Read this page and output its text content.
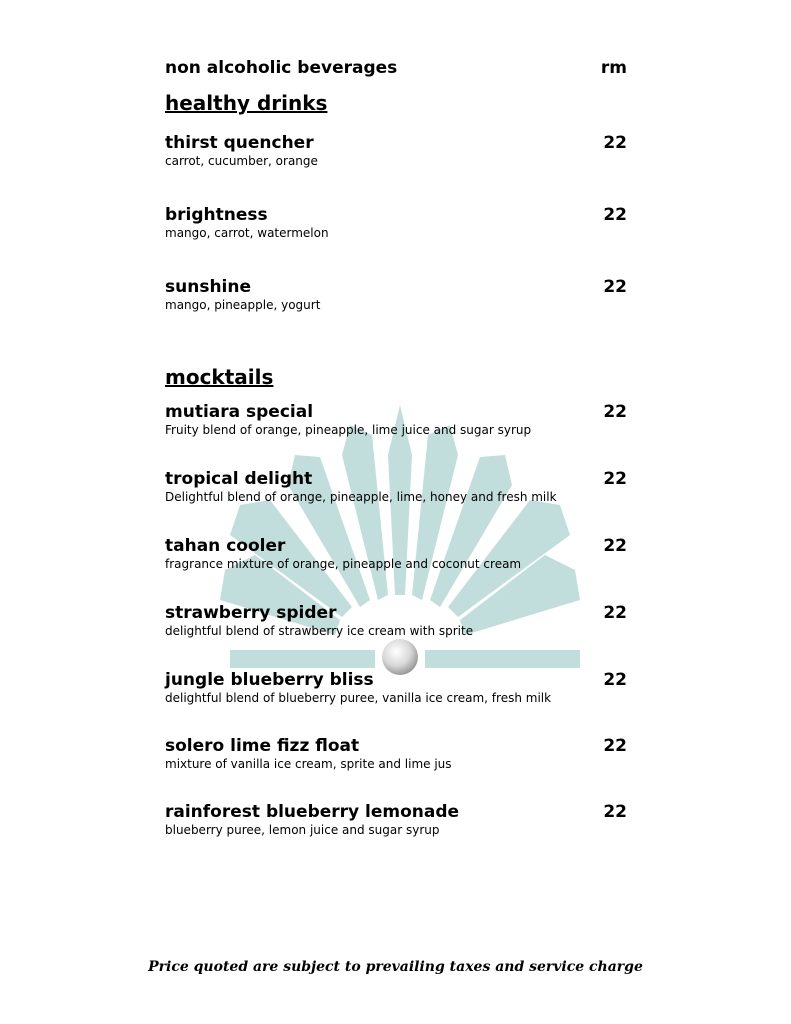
non alcoholic beverages	rm
healthy drinks
thirst quencher	22
carrot, cucumber, orange
brightness	22
mango, carrot, watermelon
sunshine	22
mango, pineapple, yogurt
mocktails
mutiara special	22
Fruity blend of orange, pineapple, lime juice and sugar syrup
tropical delight	22
Delightful blend of orange, pineapple, lime, honey and fresh milk
tahan cooler	22
fragrance mixture of orange, pineapple and coconut cream
strawberry spider	22
delightful blend of strawberry ice cream with sprite
jungle blueberry bliss	22
delightful blend of blueberry puree, vanilla ice cream, fresh milk
solero lime fizz float	22
mixture of vanilla ice cream, sprite and lime jus
rainforest blueberry lemonade	22
blueberry puree, lemon juice and sugar syrup
Price quoted are subject to prevailing taxes and service charge
